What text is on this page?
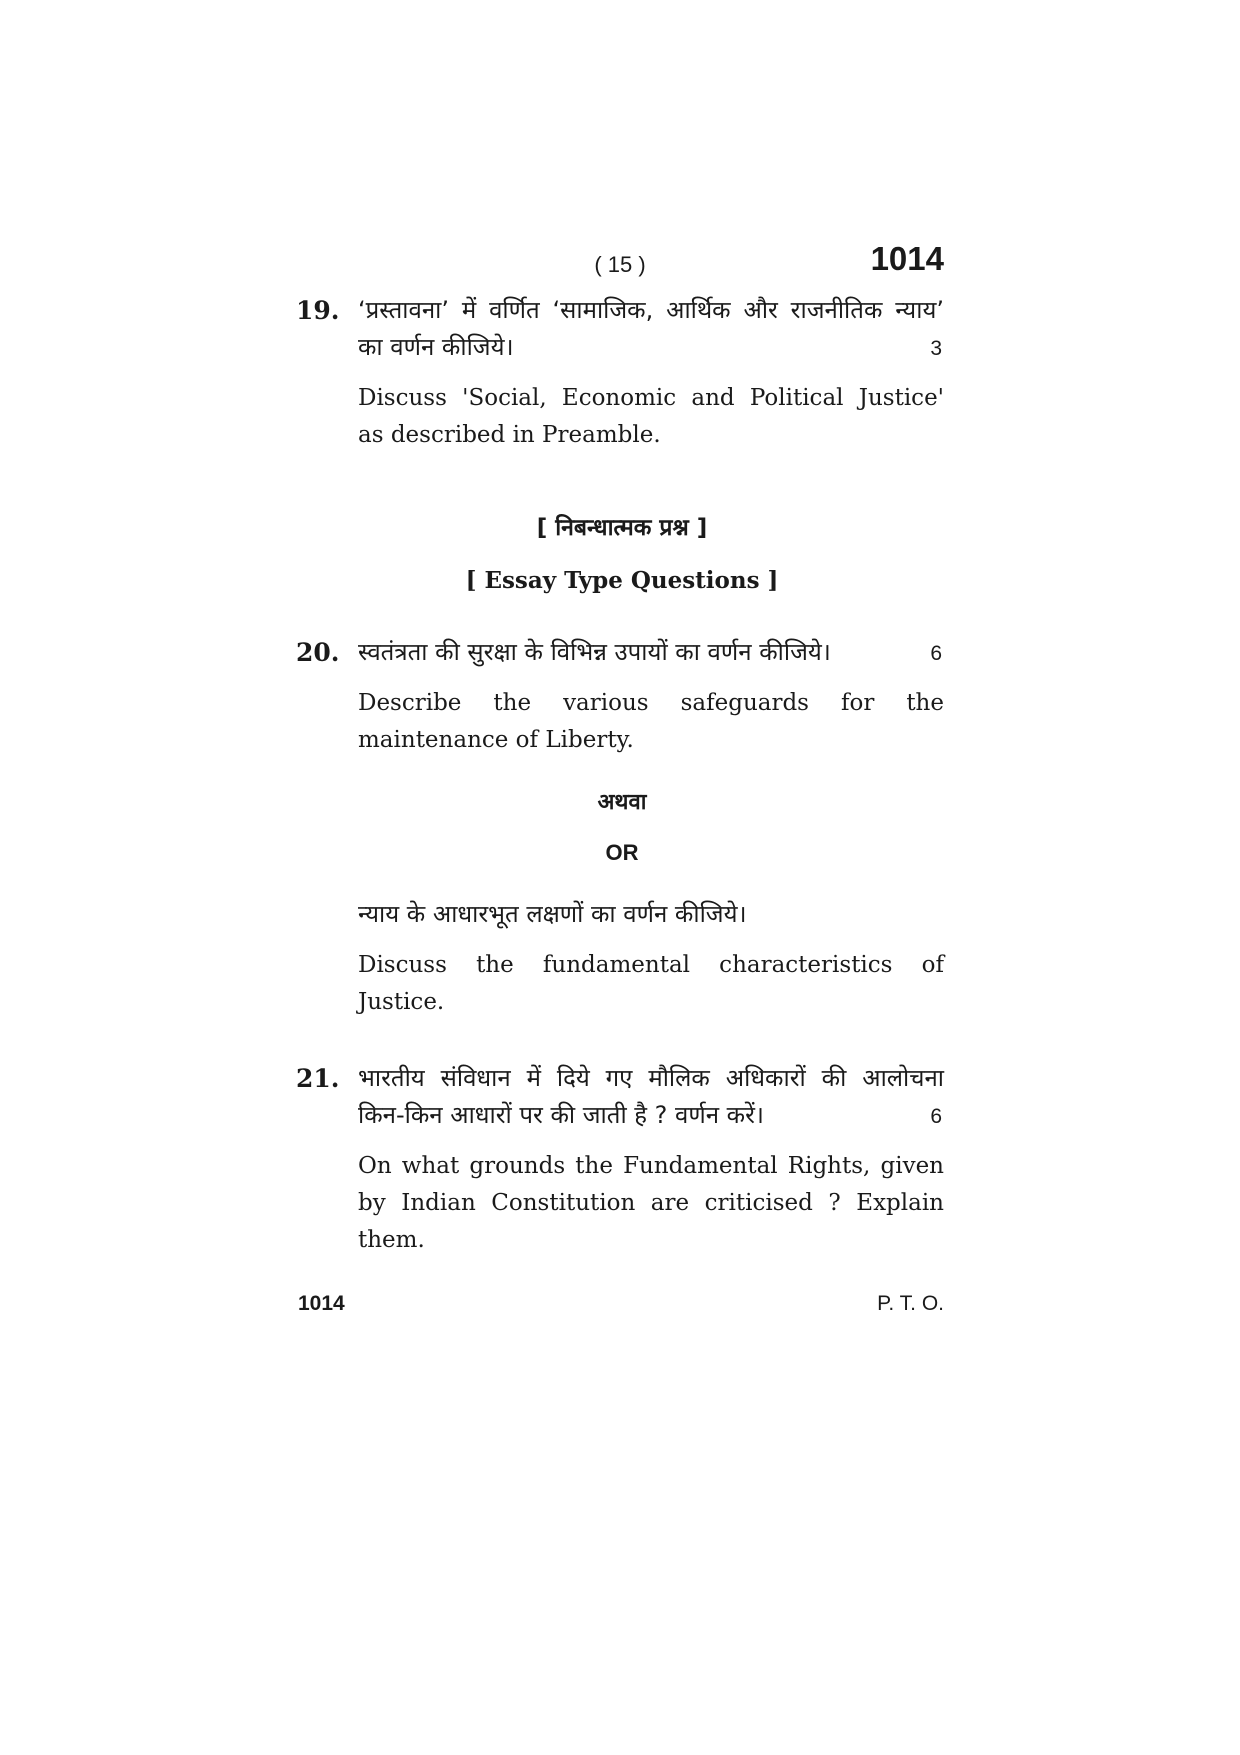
( 15 )	1014
19. ‘प्रस्तावना’ में वर्णित ‘सामाजिक, आर्थिक और राजनीतिक न्याय’
का वर्णन कीजिये।	3
Discuss 'Social, Economic and Political Justice'
as described in Preamble.
[ निबन्धात्मक प्रश्न ]
[ Essay Type Questions ]
20. स्वतंत्रता की सुरक्षा के विभिन्न उपायों का वर्णन कीजिये।	6
Describe the various safeguards for the
maintenance of Liberty.
अथवा
OR
न्याय के आधारभूत लक्षणों का वर्णन कीजिये।
Discuss the fundamental characteristics of
Justice.
21. भारतीय संविधान में दिये गए मौलिक अधिकारों की आलोचना
किन-किन आधारों पर की जाती है ? वर्णन करें।	6
On what grounds the Fundamental Rights, given
by Indian Constitution are criticised ? Explain
them.
1014	P. T. O.
